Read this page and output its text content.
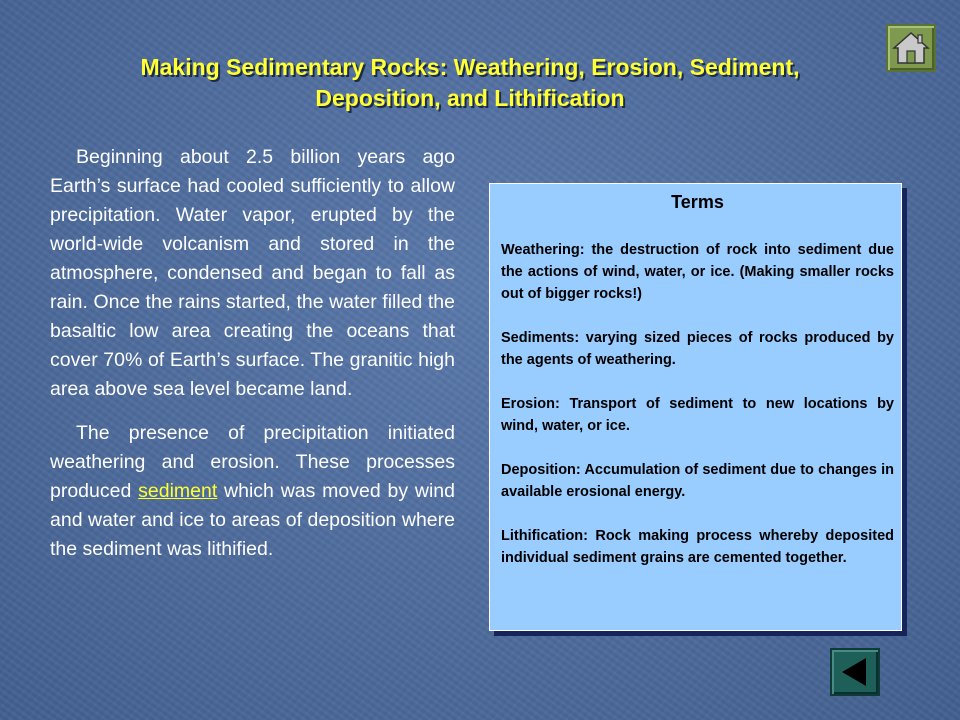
Making Sedimentary Rocks: Weathering, Erosion, Sediment,
Deposition, and Lithification

Beginning about 2.5 billion years ago Earth’s surface had cooled sufficiently to allow precipitation. Water vapor, erupted by the world-wide volcanism and stored in the atmosphere, condensed and began to fall as rain. Once the rains started, the water filled the basaltic low area creating the oceans that cover 70% of Earth’s surface. The granitic high area above sea level became land.

The presence of precipitation initiated weathering and erosion. These processes produced sediment which was moved by wind and water and ice to areas of deposition where the sediment was lithified.

Terms
Weathering: the destruction of rock into sediment due the actions of wind, water, or ice. (Making smaller rocks out of bigger rocks!)
Sediments: varying sized pieces of rocks produced by the agents of weathering.
Erosion: Transport of sediment to new locations by wind, water, or ice.
Deposition: Accumulation of sediment due to changes in available erosional energy.
Lithification: Rock making process whereby deposited individual sediment grains are cemented together.
